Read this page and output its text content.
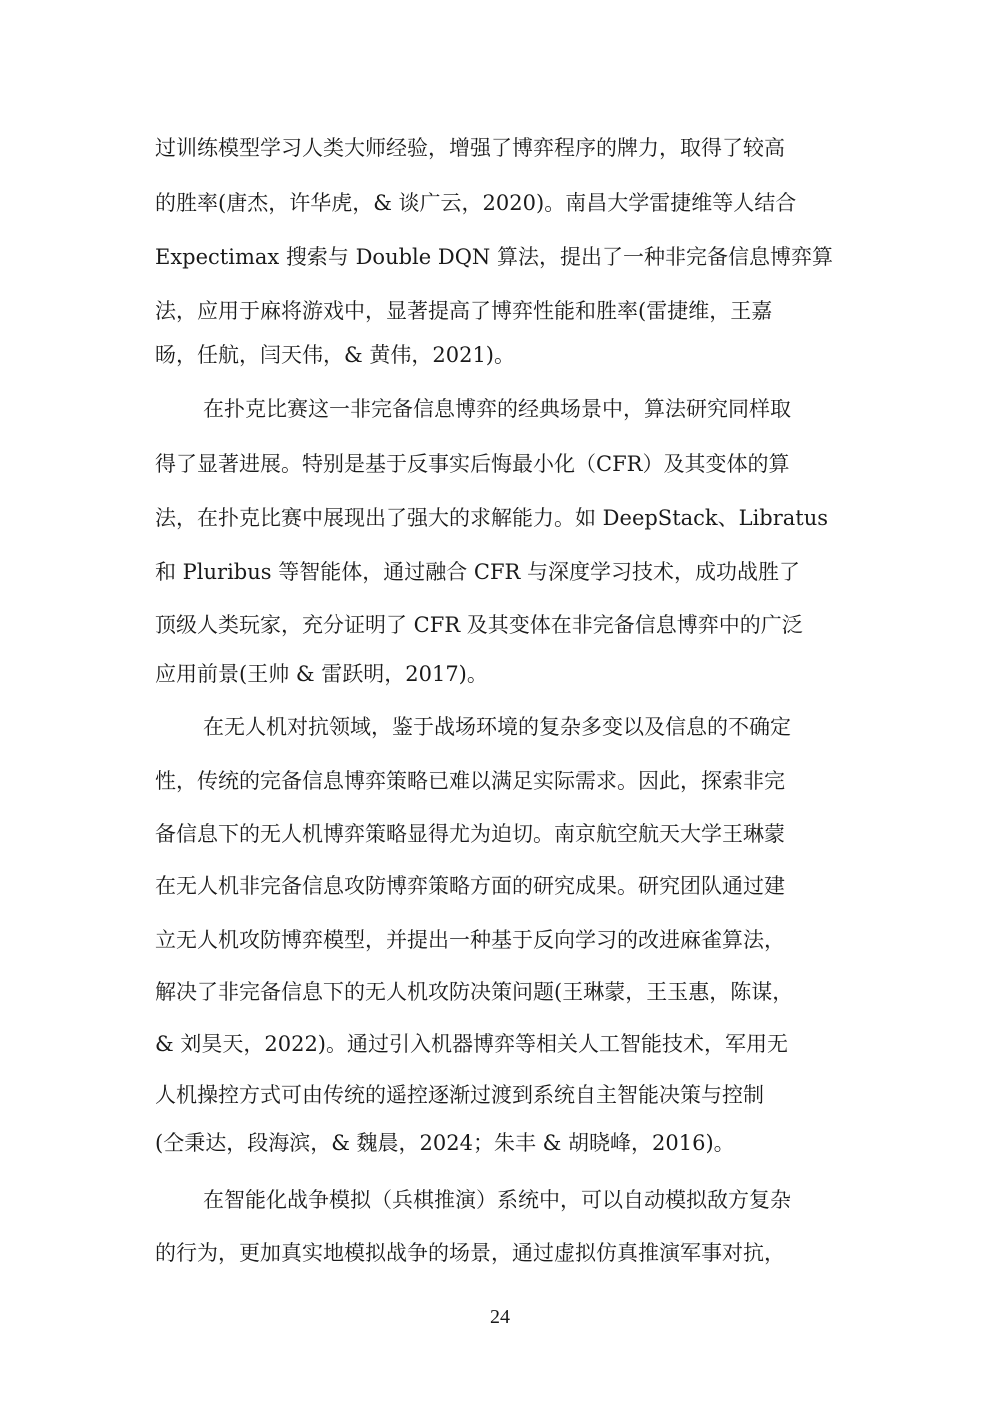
过训练模型学习人类大师经验，增强了博弈程序的牌力，取得了较高
的胜率(唐杰，许华虎，& 谈广云，2020)。南昌大学雷捷维等人结合
Expectimax 搜索与 Double DQN 算法，提出了一种非完备信息博弈算
法，应用于麻将游戏中，显著提高了博弈性能和胜率(雷捷维，王嘉
旸，任航，闫天伟，& 黄伟，2021)。
在扑克比赛这一非完备信息博弈的经典场景中，算法研究同样取
得了显著进展。特别是基于反事实后悔最小化（CFR）及其变体的算
法，在扑克比赛中展现出了强大的求解能力。如 DeepStack、Libratus
和 Pluribus 等智能体，通过融合 CFR 与深度学习技术，成功战胜了
顶级人类玩家，充分证明了 CFR 及其变体在非完备信息博弈中的广泛
应用前景(王帅 & 雷跃明，2017)。
在无人机对抗领域，鉴于战场环境的复杂多变以及信息的不确定
性，传统的完备信息博弈策略已难以满足实际需求。因此，探索非完
备信息下的无人机博弈策略显得尤为迫切。南京航空航天大学王琳蒙
在无人机非完备信息攻防博弈策略方面的研究成果。研究团队通过建
立无人机攻防博弈模型，并提出一种基于反向学习的改进麻雀算法，
解决了非完备信息下的无人机攻防决策问题(王琳蒙，王玉惠，陈谋，
& 刘昊天，2022)。通过引入机器博弈等相关人工智能技术，军用无
人机操控方式可由传统的遥控逐渐过渡到系统自主智能决策与控制
(仝秉达，段海滨，& 魏晨，2024；朱丰 & 胡晓峰，2016)。
在智能化战争模拟（兵棋推演）系统中，可以自动模拟敌方复杂
的行为，更加真实地模拟战争的场景，通过虚拟仿真推演军事对抗，
24
